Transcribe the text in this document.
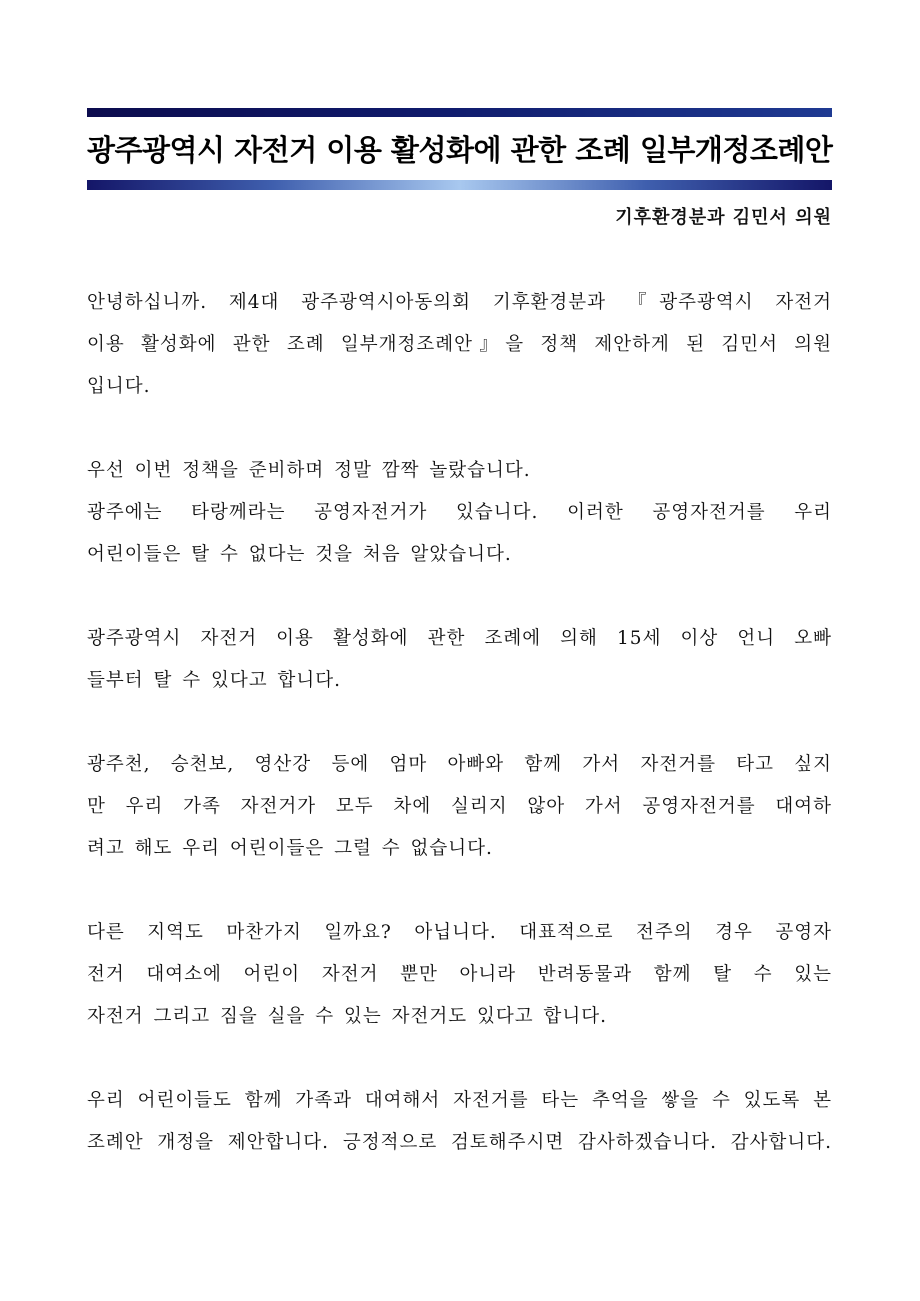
광주광역시 자전거 이용 활성화에 관한 조례 일부개정조례안
기후환경분과 김민서 의원

안녕하십니까. 제4대 광주광역시아동의회 기후환경분과 『광주광역시 자전거
이용 활성화에 관한 조례 일부개정조례안』을 정책 제안하게 된 김민서 의원
입니다.

우선 이번 정책을 준비하며 정말 깜짝 놀랐습니다.
광주에는 타랑께라는 공영자전거가 있습니다. 이러한 공영자전거를 우리
어린이들은 탈 수 없다는 것을 처음 알았습니다.

광주광역시 자전거 이용 활성화에 관한 조례에 의해 15세 이상 언니 오빠
들부터 탈 수 있다고 합니다.

광주천, 승천보, 영산강 등에 엄마 아빠와 함께 가서 자전거를 타고 싶지
만 우리 가족 자전거가 모두 차에 실리지 않아 가서 공영자전거를 대여하
려고 해도 우리 어린이들은 그럴 수 없습니다.

다른 지역도 마찬가지 일까요? 아닙니다. 대표적으로 전주의 경우 공영자
전거 대여소에 어린이 자전거 뿐만 아니라 반려동물과 함께 탈 수 있는
자전거 그리고 짐을 실을 수 있는 자전거도 있다고 합니다.

우리 어린이들도 함께 가족과 대여해서 자전거를 타는 추억을 쌓을 수 있도록 본
조례안 개정을 제안합니다. 긍정적으로 검토해주시면 감사하겠습니다. 감사합니다.
